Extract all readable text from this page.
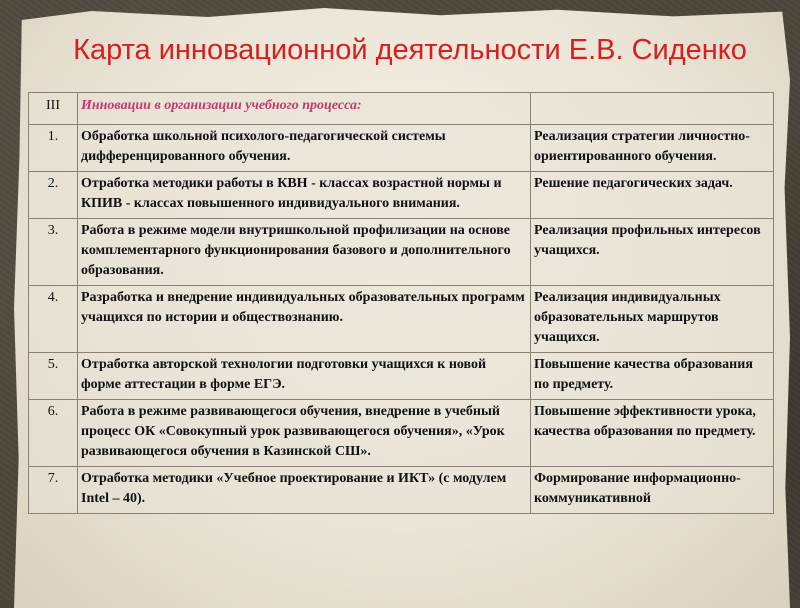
Карта инновационной деятельности Е.В. Сиденко
III	Инновации в организации учебного процесса:	
1.	Обработка школьной психолого-педагогической системы дифференцированного обучения.	Реализация стратегии личностно-ориентированного обучения.
2.	Отработка методики работы в КВН - классах возрастной нормы и КПИВ - классах повышенного индивидуального внимания.	Решение педагогических задач.
3.	Работа в режиме модели внутришкольной профилизации на основе комплементарного функционирования базового и дополнительного образования.	Реализация профильных интересов учащихся.
4.	Разработка и внедрение индивидуальных образовательных программ учащихся по истории и обществознанию.	Реализация индивидуальных образовательных маршрутов учащихся.
5.	Отработка авторской технологии подготовки учащихся к новой форме аттестации в форме ЕГЭ.	Повышение качества образования по предмету.
6.	Работа в режиме развивающегося обучения, внедрение в учебный процесс ОК «Совокупный урок развивающегося обучения», «Урок развивающегося обучения в Казинской СШ».	Повышение эффективности урока, качества образования по предмету.
7.	Отработка методики «Учебное проектирование и ИКТ» (с модулем Intel – 40).	Формирование информационно-коммуникативной
